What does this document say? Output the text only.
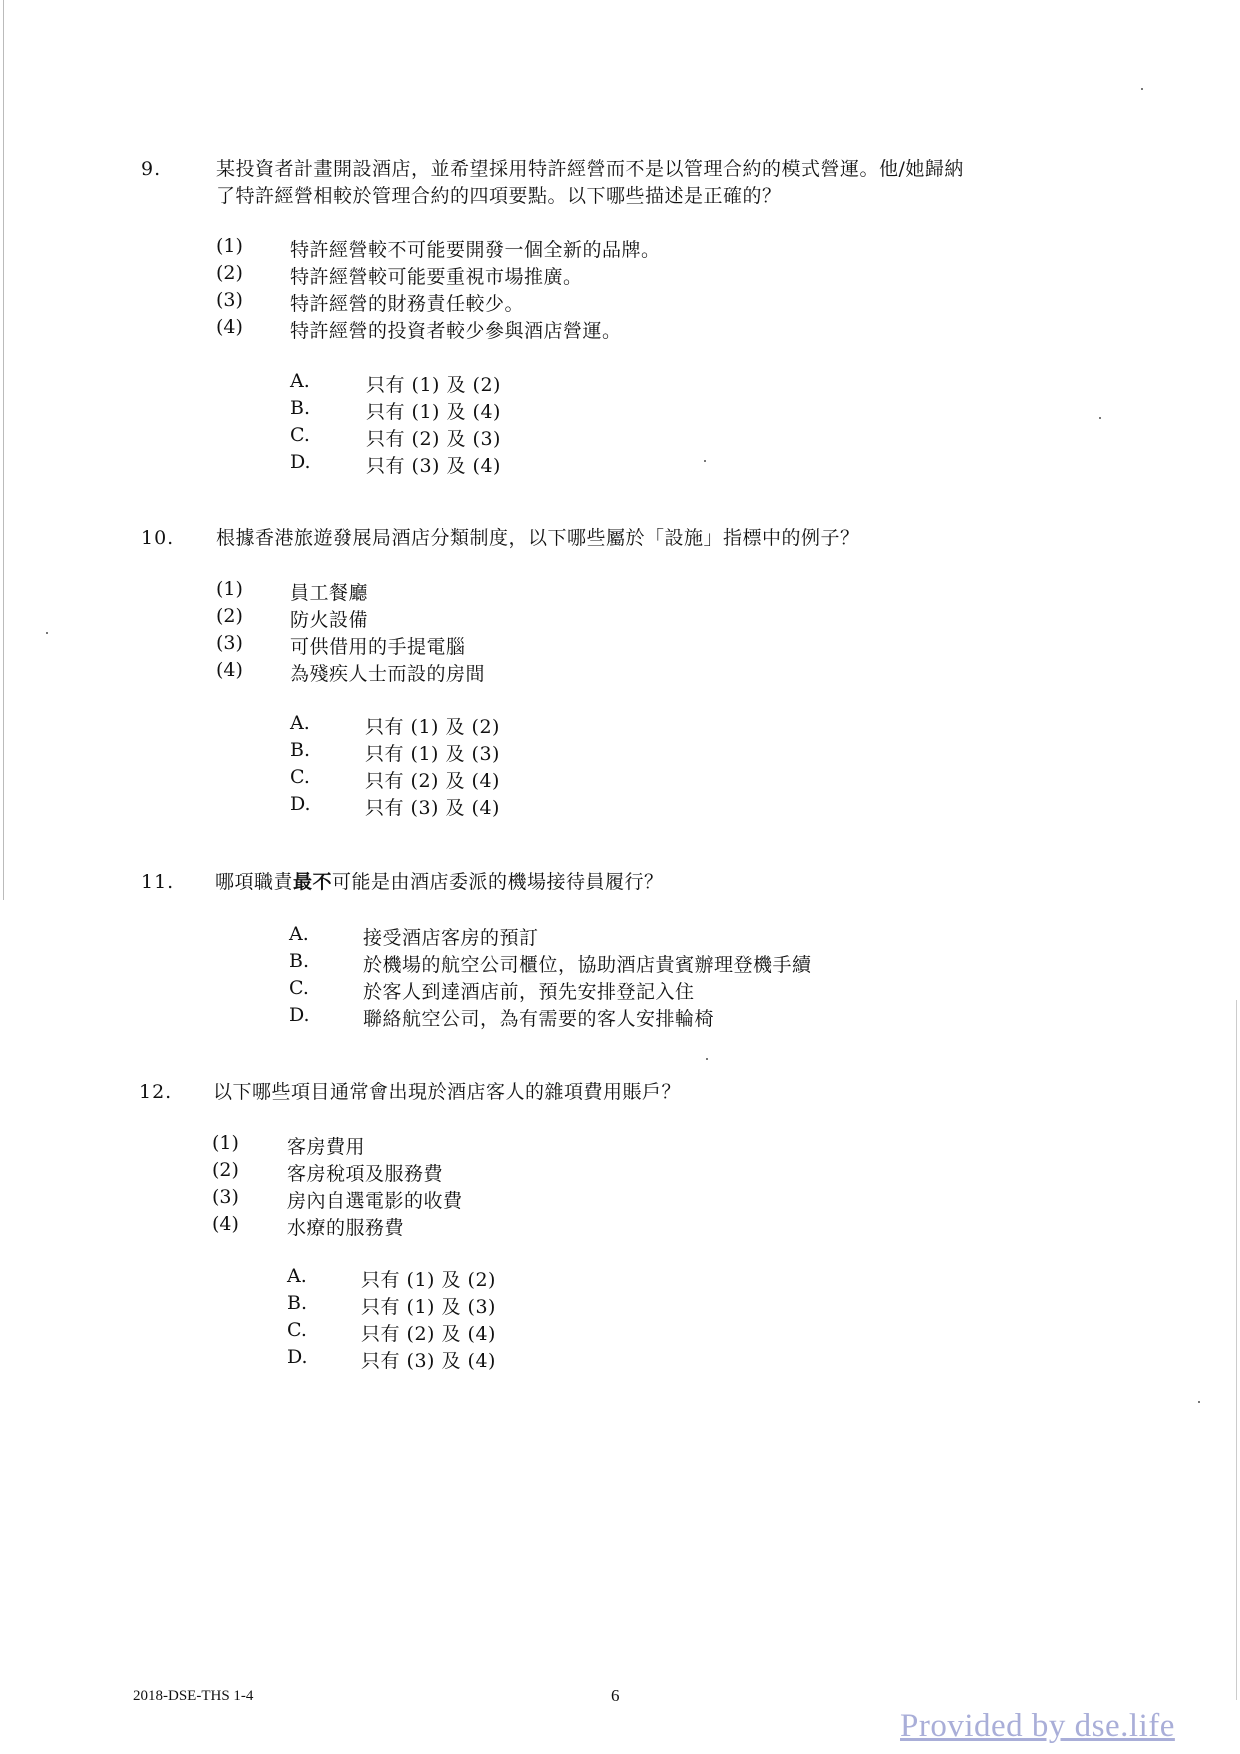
9.	某投資者計畫開設酒店，並希望採用特許經營而不是以管理合約的模式營運。他/她歸納
了特許經營相較於管理合約的四項要點。以下哪些描述是正確的？
(1) 特許經營較不可能要開發一個全新的品牌。
(2) 特許經營較可能要重視市場推廣。
(3) 特許經營的財務責任較少。
(4) 特許經營的投資者較少參與酒店營運。
A.	只有 (1) 及 (2)
B.	只有 (1) 及 (4)
C.	只有 (2) 及 (3)
D.	只有 (3) 及 (4)
10. 根據香港旅遊發展局酒店分類制度，以下哪些屬於「設施」指標中的例子？
(1) 員工餐廳
(2) 防火設備
(3) 可供借用的手提電腦
(4) 為殘疾人士而設的房間
A.	只有 (1) 及 (2)
B.	只有 (1) 及 (3)
C.	只有 (2) 及 (4)
D.	只有 (3) 及 (4)
11. 哪項職責最不可能是由酒店委派的機場接待員履行？
A.	接受酒店客房的預訂
B.	於機場的航空公司櫃位，協助酒店貴賓辦理登機手續
C.	於客人到達酒店前，預先安排登記入住
D.	聯絡航空公司，為有需要的客人安排輪椅
12. 以下哪些項目通常會出現於酒店客人的雜項費用賬戶？
(1)	客房費用
(2)	客房稅項及服務費
(3)	房內自選電影的收費
(4)	水療的服務費
A.	只有 (1) 及 (2)
B.	只有 (1) 及 (3)
C.	只有 (2) 及 (4)
D.	只有 (3) 及 (4)
2018-DSE-THS 1-4	6
Provided by dse.life
